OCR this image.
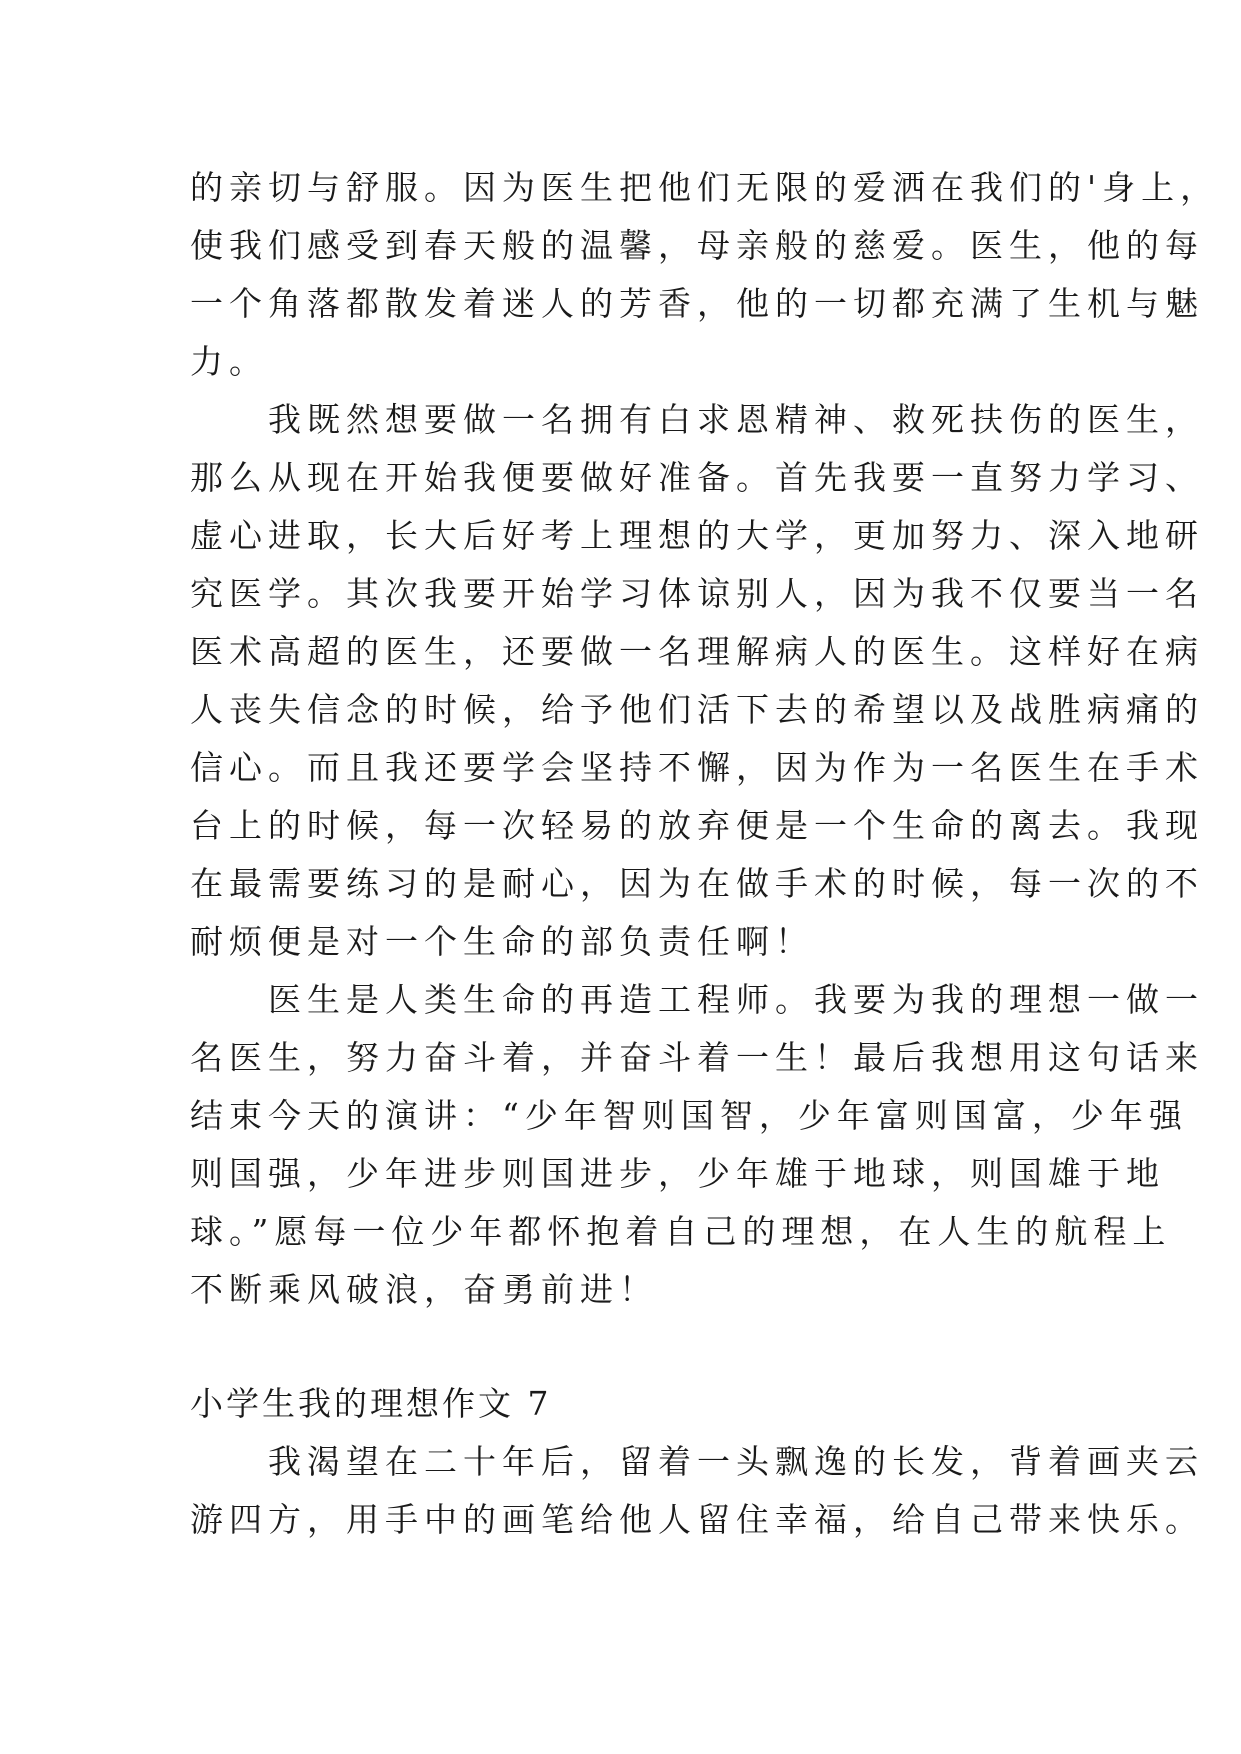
的亲切与舒服。因为医生把他们无限的爱洒在我们的'身上，
使我们感受到春天般的温馨，母亲般的慈爱。医生，他的每
一个角落都散发着迷人的芳香，他的一切都充满了生机与魅
力。
　　我既然想要做一名拥有白求恩精神、救死扶伤的医生，
那么从现在开始我便要做好准备。首先我要一直努力学习、
虚心进取，长大后好考上理想的大学，更加努力、深入地研
究医学。其次我要开始学习体谅别人，因为我不仅要当一名
医术高超的医生，还要做一名理解病人的医生。这样好在病
人丧失信念的时候，给予他们活下去的希望以及战胜病痛的
信心。而且我还要学会坚持不懈，因为作为一名医生在手术
台上的时候，每一次轻易的放弃便是一个生命的离去。我现
在最需要练习的是耐心，因为在做手术的时候，每一次的不
耐烦便是对一个生命的部负责任啊！
　　医生是人类生命的再造工程师。我要为我的理想一做一
名医生，努力奋斗着，并奋斗着一生！最后我想用这句话来
结束今天的演讲：“少年智则国智，少年富则国富，少年强
则国强，少年进步则国进步，少年雄于地球，则国雄于地
球。”愿每一位少年都怀抱着自己的理想，在人生的航程上
不断乘风破浪，奋勇前进！
小学生我的理想作文 7
　　我渴望在二十年后，留着一头飘逸的长发，背着画夹云
游四方，用手中的画笔给他人留住幸福，给自己带来快乐。
